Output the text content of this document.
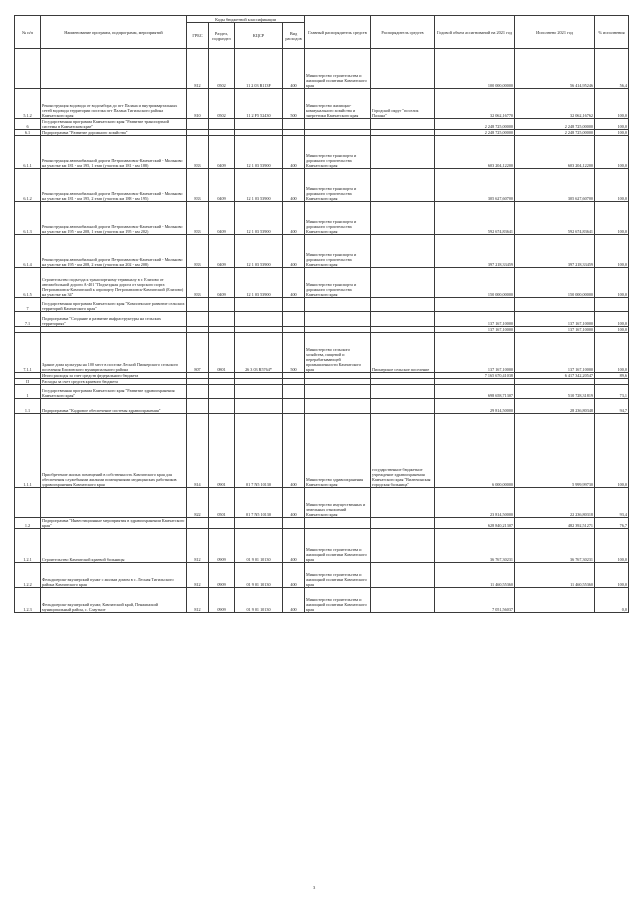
№ п/п	Наименование программ, подпрограмм, мероприятий	Коды бюджетной классификации				Главный распорядитель средств	Распорядитель средств	Годовой объем ассигнований на 2021 год	Исполнено 2021 год	% исполнения
		ГРБС	Раздел, подраздел	КЦСР	Вид расходов					
		812	0502	11 2 03 R113F	400	Министерство строительства и жилищной политики Камчатского края		100 000,00000	56 414,95246	56,4
5.1.2	Реконструкция водовода от водозабора до пгт Палана и внутриквартальных сетей водовода территории поселка пгт Палана Тигильского района Камчатского края	810	0502	11 2 F5 52430	500	Министерство жилищно-коммунального хозяйства и энергетики Камчатского края	Городской округ "поселок Палана"	32 062,16770	32 062,16762	100,0
6	Государственная программа Камчатского края "Развитие транспортной системы в Камчатском крае"							2 248 725,00000	2 248 725,00000	100,0
6.1	Подпрограмма "Развитие дорожного хозяйства"							2 248 725,00000	2 248 725,00000	100,0
6.1.1	Реконструкция автомобильной дороги Петропавловск-Камчатский - Мильково на участке км 181 - км 195, 1 этап (участок км 181 - км 188)	833	0409	12 1 03 53900	400	Министерство транспорта и дорожного строительства Камчатского края		603 204,12200	603 204,12200	100,0
6.1.2	Реконструкция автомобильной дороги Петропавловск-Камчатский - Мильково на участке км 181 - км 195, 2 этап (участок км 188 - км 195)	833	0409	12 1 03 53900	400	Министерство транспорта и дорожного строительства Камчатского края		305 627,60700	305 627,60700	100,0
6.1.3	Реконструкция автомобильной дороги Петропавловск-Камчатский - Мильково на участке км 195 - км 208, 1 этап (участок км 195 - км 202)	833	0409	12 1 03 53900	400	Министерство транспорта и дорожного строительства Камчатского края		592 674,83641	592 674,83641	100,0
6.1.4	Реконструкция автомобильной дороги Петропавловск-Камчатский - Мильково на участке км 195 - км 208, 2 этап (участок км 202 - км 208)	833	0409	12 1 03 53900	400	Министерство транспорта и дорожного строительства Камчатского края		397 218,33459	397 218,33459	100,0
6.1.5	Строительство подъезда к транспортному терминалу в г. Елизово от автомобильной дороги А-401 "Подъездная дорога от морского порта Петропавловск-Камчатский к аэропорту Петропавловск-Камчатский (Елизово) на участке км 34"	833	0409	12 1 03 53900	400	Министерство транспорта и дорожного строительства Камчатского края		150 000,00000	150 000,00000	100,0
7	Государственная программа Камчатского края "Комплексное развитие сельских территорий Камчатского края"									
7.1	Подпрограмма "Создание и развитие инфраструктуры на сельских территориях"							137 167,10000	137 167,10000	100,0
								137 167,10000	137 167,10000	100,0
7.1.1	Здание дома культуры на 100 мест в поселке Лесной Пионерского сельского поселения Елизовского муниципального района	807	0801	26 3 03 R5764*	500	Министерство сельского хозяйства, пищевой и перерабатывающей промышленности Камчатского края	Пионерское сельское поселение	137 167,10000	137 167,10000	100,0
	Итого расходы за счет средств федерального бюджета							7 165 670,41038	6 417 342,20547	89,6
II	Расходы за счет средств краевого бюджета									
1	Государственная программа Камчатского края "Развитие здравоохранения Камчатского края"							698 658,71307	510 728,31819	73,1
1.1	Подпрограмма "Кадровое обеспечение системы здравоохранения"							29 814,50000	28 236,80348	94,7
1.1.1	Приобретение жилых помещений в собственность Камчатского края для обеспечения служебными жилыми помещениями медицинских работников здравоохранения Камчатского края	814	0901	01 7 N5 10130	400	Министерство здравоохранения Камчатского края	государственное бюджетное учреждение здравоохранения Камчатского края "Вилючинская городская больница"	6 000,00000	5 999,99730	100,0
		822	0501	01 7 N5 10130	400	Министерство имущественных и земельных отношений Камчатского края		23 814,50000	22 236,80318	93,4
1.2	Подпрограмма "Инвестиционные мероприятия в здравоохранении Камчатского края"							628 840,21307	482 392,51271	76,7
1.2.1	Строительство Камчатской краевой больницы	812	0909	01 9 01 10130	400	Министерство строительства и жилищной политики Камчатского края		36 767,30231	36 767,30231	100,0
1.2.2	Фельдшерско-акушерский пункт с жилым домом в с. Лесная Тигильского района Камчатского края	812	0909	01 9 01 10130	400	Министерство строительства и жилищной политики Камчатского края		11 460,55360	11 460,55360	100,0
1.2.3	Фельдшерско-акушерский пункт, Камчатский край, Пенжинский муниципальный район, с. Слаутное	812	0909	01 9 01 10130	400	Министерство строительства и жилищной политики Камчатского края		7 051,56037		0,0
3
